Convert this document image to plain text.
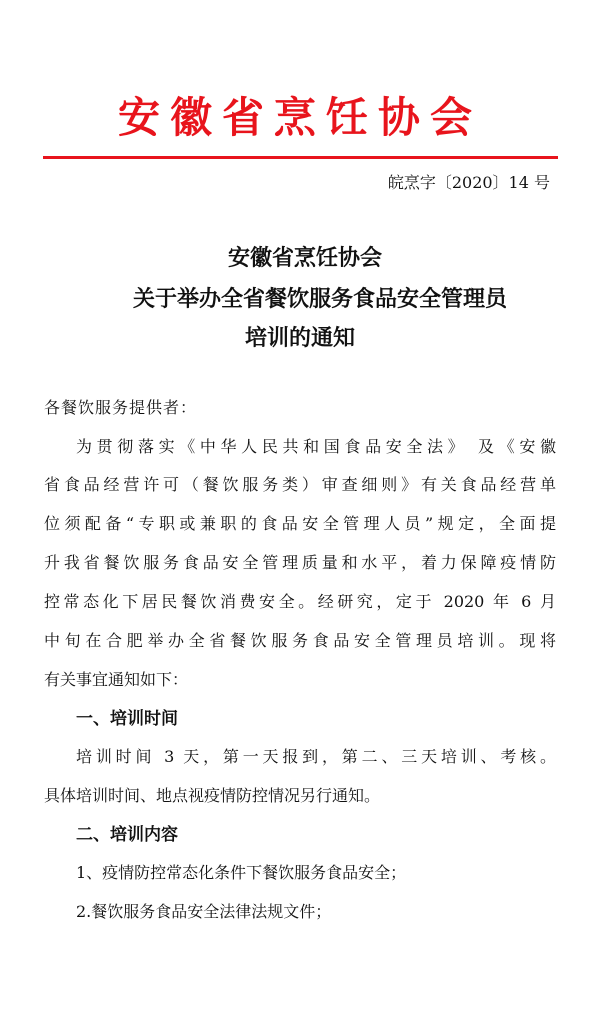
安徽省烹饪协会
皖烹字〔2020〕14 号
安徽省烹饪协会
关于举办全省餐饮服务食品安全管理员
培训的通知
各餐饮服务提供者：
为贯彻落实《中华人民共和国食品安全法》 及《安徽
省食品经营许可（餐饮服务类）审查细则》有关食品经营单
位须配备“专职或兼职的食品安全管理人员”规定，全面提
升我省餐饮服务食品安全管理质量和水平，着力保障疫情防
控常态化下居民餐饮消费安全。经研究，定于 2020 年 6 月
中旬在合肥举办全省餐饮服务食品安全管理员培训。现将
有关事宜通知如下：
一、培训时间
培训时间 3 天，第一天报到，第二、三天培训、考核。
具体培训时间、地点视疫情防控情况另行通知。
二、培训内容
1、疫情防控常态化条件下餐饮服务食品安全；
2.餐饮服务食品安全法律法规文件；
